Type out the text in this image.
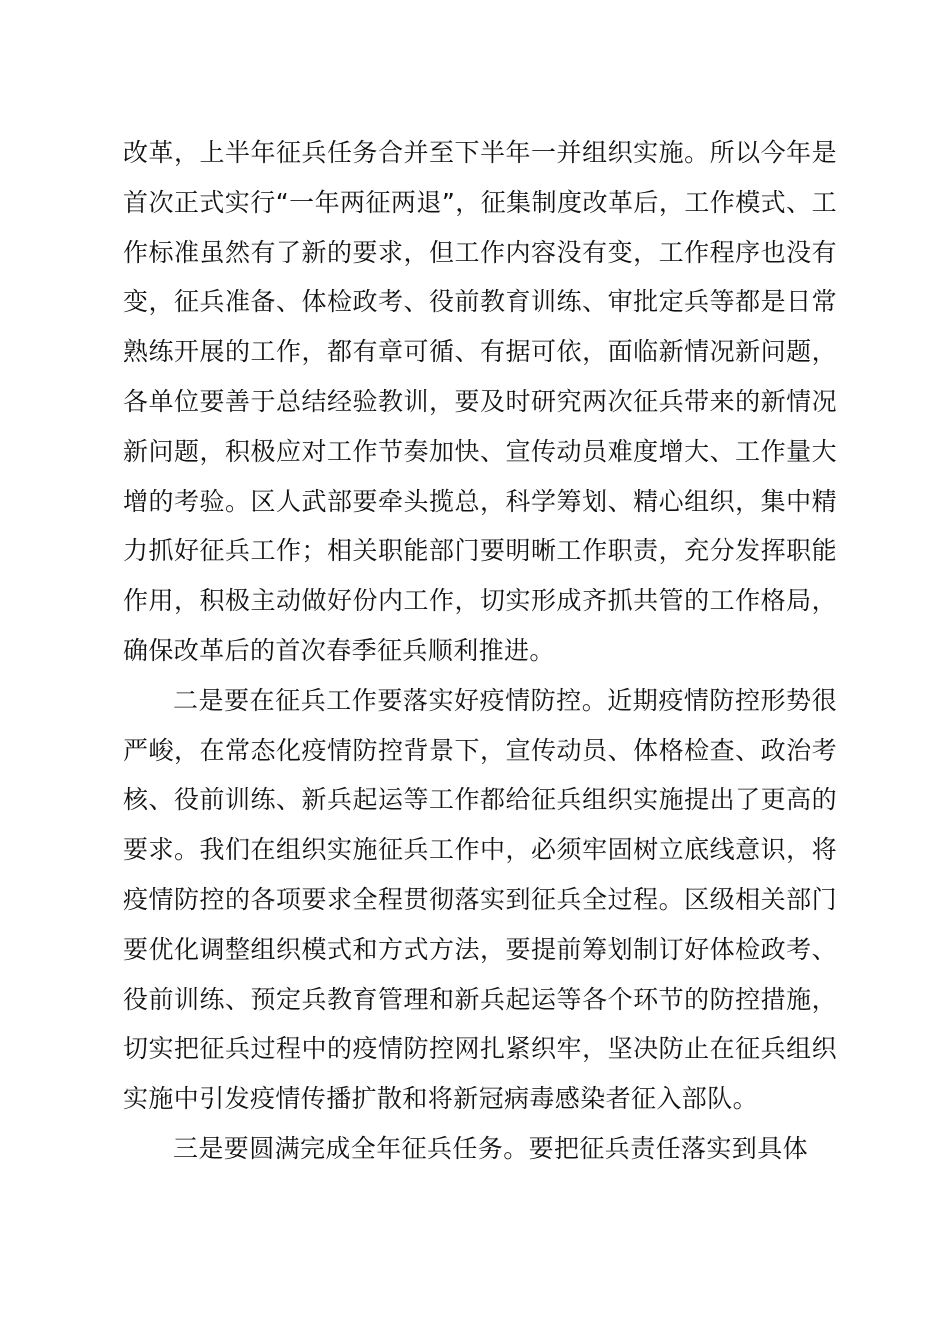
改革，上半年征兵任务合并至下半年一并组织实施。所以今年是首次正式实行“一年两征两退”，征集制度改革后，工作模式、工作标准虽然有了新的要求，但工作内容没有变，工作程序也没有变，征兵准备、体检政考、役前教育训练、审批定兵等都是日常熟练开展的工作，都有章可循、有据可依，面临新情况新问题，各单位要善于总结经验教训，要及时研究两次征兵带来的新情况新问题，积极应对工作节奏加快、宣传动员难度增大、工作量大增的考验。区人武部要牵头揽总，科学筹划、精心组织，集中精力抓好征兵工作；相关职能部门要明晰工作职责，充分发挥职能作用，积极主动做好份内工作，切实形成齐抓共管的工作格局，确保改革后的首次春季征兵顺利推进。

二是要在征兵工作要落实好疫情防控。近期疫情防控形势很严峻，在常态化疫情防控背景下，宣传动员、体格检查、政治考核、役前训练、新兵起运等工作都给征兵组织实施提出了更高的要求。我们在组织实施征兵工作中，必须牢固树立底线意识，将疫情防控的各项要求全程贯彻落实到征兵全过程。区级相关部门要优化调整组织模式和方式方法，要提前筹划制订好体检政考、役前训练、预定兵教育管理和新兵起运等各个环节的防控措施，切实把征兵过程中的疫情防控网扎紧织牢，坚决防止在征兵组织实施中引发疫情传播扩散和将新冠病毒感染者征入部队。

三是要圆满完成全年征兵任务。要把征兵责任落实到具体
